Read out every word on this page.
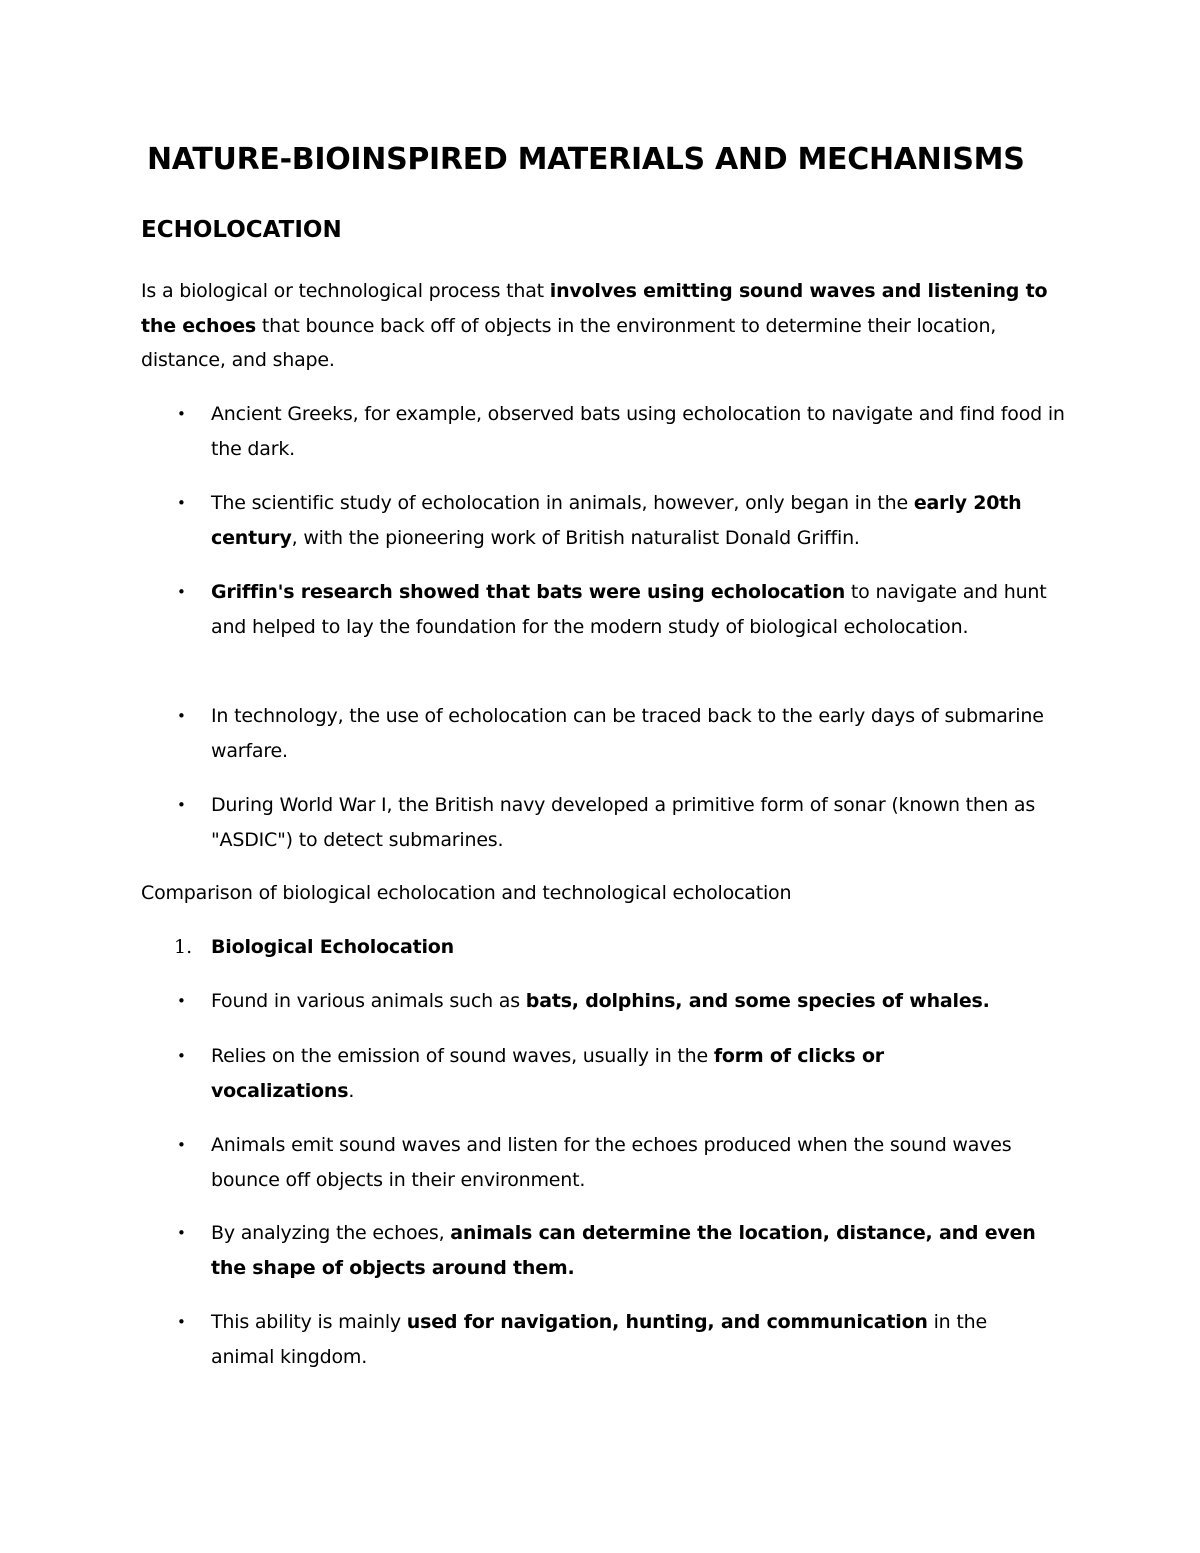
NATURE-BIOINSPIRED MATERIALS AND MECHANISMS
ECHOLOCATION

Is a biological or technological process that involves emitting sound waves and listening to the echoes that bounce back off of objects in the environment to determine their location, distance, and shape.

• Ancient Greeks, for example, observed bats using echolocation to navigate and find food in the dark.

• The scientific study of echolocation in animals, however, only began in the early 20th century, with the pioneering work of British naturalist Donald Griffin.

• Griffin's research showed that bats were using echolocation to navigate and hunt and helped to lay the foundation for the modern study of biological echolocation.

• In technology, the use of echolocation can be traced back to the early days of submarine warfare.

• During World War I, the British navy developed a primitive form of sonar (known then as "ASDIC") to detect submarines.

Comparison of biological echolocation and technological echolocation

1. Biological Echolocation

• Found in various animals such as bats, dolphins, and some species of whales.

• Relies on the emission of sound waves, usually in the form of clicks or vocalizations.

• Animals emit sound waves and listen for the echoes produced when the sound waves bounce off objects in their environment.

• By analyzing the echoes, animals can determine the location, distance, and even the shape of objects around them.

• This ability is mainly used for navigation, hunting, and communication in the animal kingdom.
